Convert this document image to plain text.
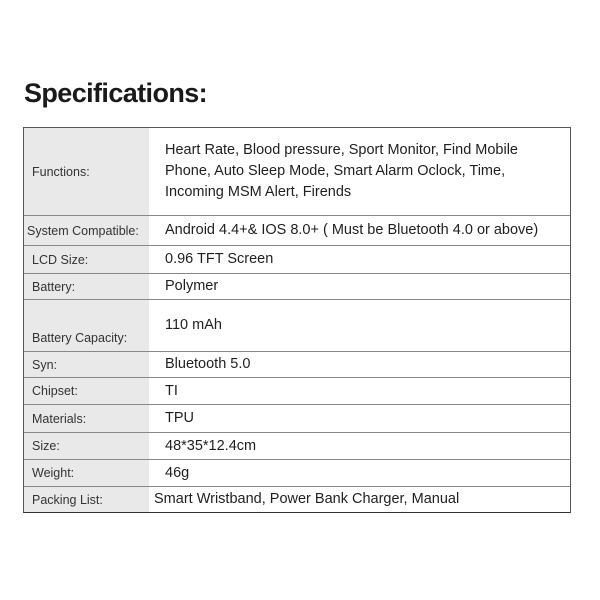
Specifications:
Functions:
Heart Rate, Blood pressure, Sport Monitor, Find Mobile Phone, Auto Sleep Mode, Smart Alarm Oclock, Time, Incoming MSM Alert, Firends
System Compatible:	Android 4.4+& IOS 8.0+ ( Must be Bluetooth 4.0 or above)
LCD Size:	0.96 TFT Screen
Battery:	Polymer
Battery Capacity:
110 mAh
Syn:	Bluetooth 5.0
Chipset:	TI
Materials:	TPU
Size:	48*35*12.4cm
Weight:	46g
Packing List:	Smart Wristband, Power Bank Charger, Manual
